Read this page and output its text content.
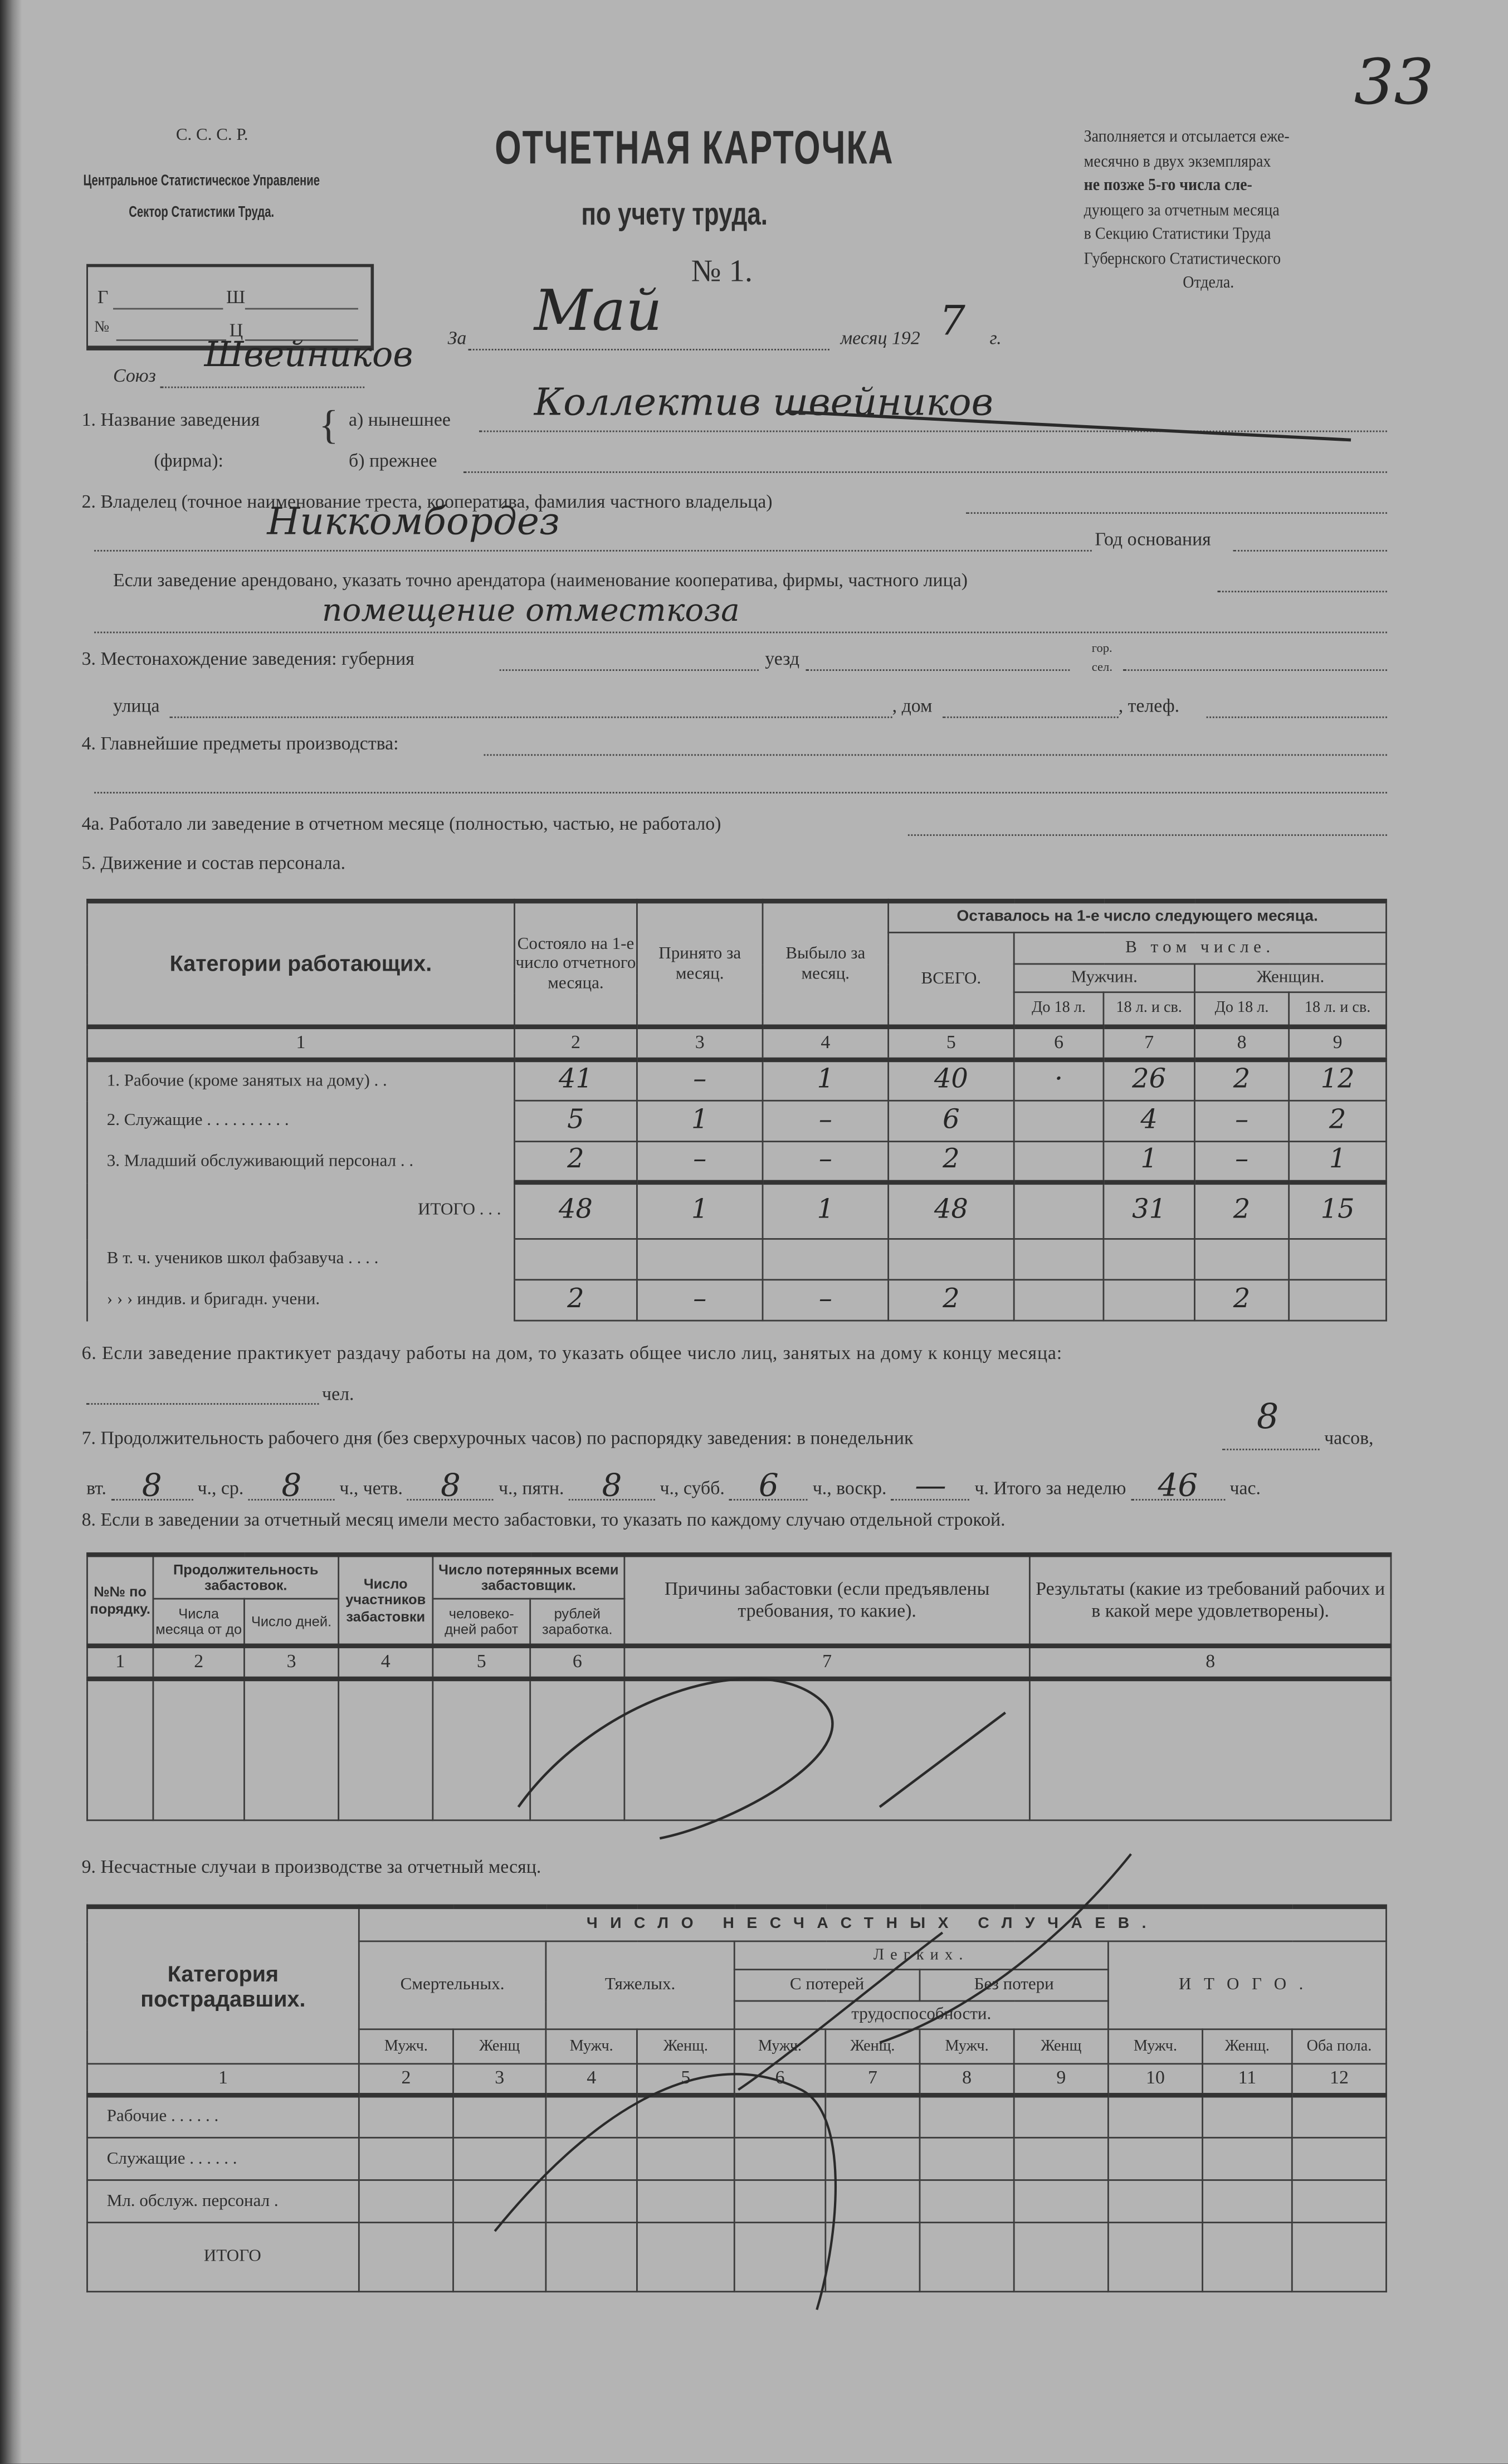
С. С. С. Р.
Центральное Статистическое Управление
Сектор Статистики Труда.
Г	Ш
№	Ц
ОТЧЕТНАЯ КАРТОЧКА
по учету труда.
№ 1.
Заполняется и отсылается еже-
месячно в двух экземплярах
не позже 5-го числа сле-
дующего за отчетным месяца
в Секцию Статистики Труда
Губернского Статистического
Отдела.
33
За	Май	месяц 192 7	г.
Союз	Швейников
1. Название заведения
(фирма):
{ а) нынешнее	Коллектив швейников
б) прежнее
2. Владелец (точное наименование треста, кооператива, фамилия частного владельца)
Никкомбордез	Год основания
Если заведение арендовано, указать точно арендатора (наименование кооператива, фирмы, частного лица)
помещение отместкоза
3. Местонахождение заведения: губерния	уезд	гор.
сел.
улица	, дом	, телеф.
4. Главнейшие предметы производства:
4а. Работало ли заведение в отчетном месяце (полностью, частью, не работало)
5. Движение и состав персонала.
Категории работающих.	Состояло на 1-е число отчетного месяца.	Принято за месяц.	Выбыло за месяц.	Оставалось на 1-е число следующего месяца.				
				ВСЕГО.	В том числе.			
					Мужчин.		Женщин.	
					До 18 л.	18 л. и св.	До 18 л.	18 л. и св.
1	2	3	4	5	6	7	8	9
1. Рабочие (кроме занятых на дому) . .	41	–	1	40	·	26	2	12
2. Служащие . . . . . . . . . .	5	1	–	6		4	–	2
3. Младший обслуживающий персонал . .	2	–	–	2		1	–	1
ИТОГО . . .	48	1	1	48		31	2	15
В т. ч. учеников школ фабзавуча . . . .								
› › › индив. и бригадн. учени.	2	–	–	2			2	
6. Если заведение практикует раздачу работы на дом, то указать общее число лиц, занятых на дому к концу месяца:
чел.
7. Продолжительность рабочего дня (без сверхурочных часов) по распорядку заведения: в понедельник	8	часов,
вт.	8	ч., ср.	8	ч., четв.	8	ч., пятн.	8	ч., субб.	6	ч., воскр.	—	ч. Итого за неделю	46	час.
8. Если в заведении за отчетный месяц имели место забастовки, то указать по каждому случаю отдельной строкой.
№№ по порядку.	Продолжительность забастовок.		Число участников забастовки	Число потерянных всеми забастовщик.		Причины забастовки (если предъявлены требования, то какие).	Результаты (какие из требований рабочих и в какой мере удовлетворены).
	Числа месяца от до	Число дней.		человеко-дней работ	рублей заработка.		
1	2	3	4	5	6	7	8

9. Несчастные случаи в производстве за отчетный месяц.
Категория пострадавших.	ЧИСЛО НЕСЧАСТНЫХ СЛУЧАЕВ.										
	Смертельных.		Тяжелых.		Легких.				ИТОГО.		
					С потерей		Без потери				
					трудоспособности.						
	Мужч.	Женщ	Мужч.	Женщ.	Мужч.	Женщ.	Мужч.	Женщ	Мужч.	Женщ.	Оба пола.
1	2	3	4	5	6	7	8	9	10	11	12
Рабочие . . . . . .											
Служащие . . . . . .											
Мл. обслуж. персонал .											
ИТОГО											
